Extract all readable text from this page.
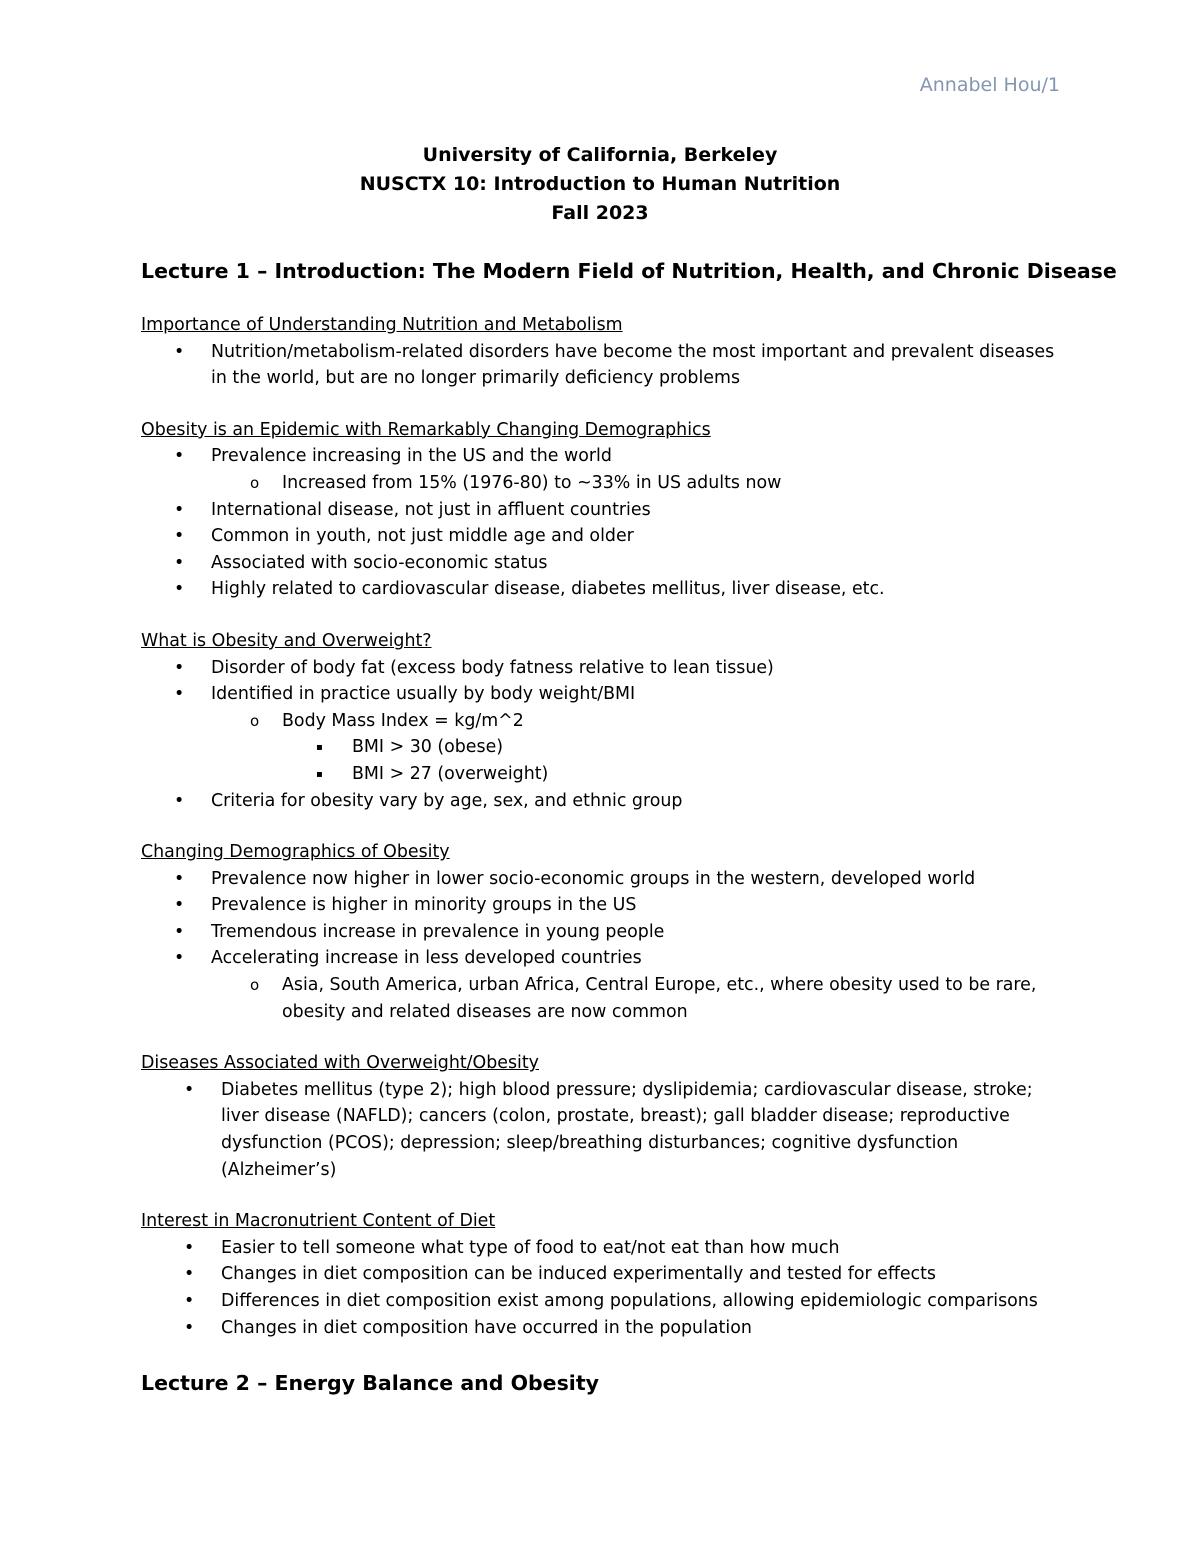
Annabel Hou/1
University of California, Berkeley
NUSCTX 10: Introduction to Human Nutrition
Fall 2023
Lecture 1 – Introduction: The Modern Field of Nutrition, Health, and Chronic Disease

Importance of Understanding Nutrition and Metabolism

• Nutrition/metabolism-related disorders have become the most important and prevalent diseases in the world, but are no longer primarily deficiency problems

Obesity is an Epidemic with Remarkably Changing Demographics

• Prevalence increasing in the US and the world
o Increased from 15% (1976-80) to ~33% in US adults now
• International disease, not just in affluent countries
• Common in youth, not just middle age and older
• Associated with socio-economic status
• Highly related to cardiovascular disease, diabetes mellitus, liver disease, etc.

What is Obesity and Overweight?

• Disorder of body fat (excess body fatness relative to lean tissue)
• Identified in practice usually by body weight/BMI
o Body Mass Index = kg/m^2
▪ BMI > 30 (obese)
▪ BMI > 27 (overweight)
• Criteria for obesity vary by age, sex, and ethnic group

Changing Demographics of Obesity

• Prevalence now higher in lower socio-economic groups in the western, developed world
• Prevalence is higher in minority groups in the US
• Tremendous increase in prevalence in young people
• Accelerating increase in less developed countries
o Asia, South America, urban Africa, Central Europe, etc., where obesity used to be rare, obesity and related diseases are now common

Diseases Associated with Overweight/Obesity

• Diabetes mellitus (type 2); high blood pressure; dyslipidemia; cardiovascular disease, stroke; liver disease (NAFLD); cancers (colon, prostate, breast); gall bladder disease; reproductive dysfunction (PCOS); depression; sleep/breathing disturbances; cognitive dysfunction (Alzheimer’s)

Interest in Macronutrient Content of Diet

• Easier to tell someone what type of food to eat/not eat than how much
• Changes in diet composition can be induced experimentally and tested for effects
• Differences in diet composition exist among populations, allowing epidemiologic comparisons
• Changes in diet composition have occurred in the population
Lecture 2 – Energy Balance and Obesity
